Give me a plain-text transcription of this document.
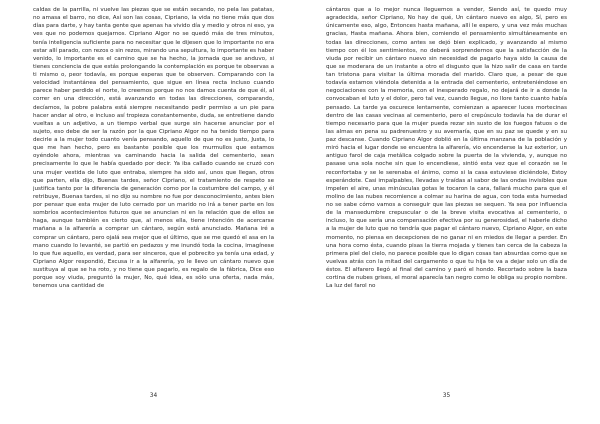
caldas de la parrilla, ni vuelve las piezas que se están secando, no pela las patatas, no amasa el barro, no dice, Así son las cosas, Cipriano, la vida no tiene más que dos días para darte, y hay tanta gente que apenas ha vivido día y medio y otros ni eso, ya ves que no podemos quejarnos. Cipriano Algor no se quedó más de tres minutos, tenía inteligencia suficiente para no necesitar que le dijesen que lo importante no era estar allí parado, con rezos o sin rezos, mirando una sepultura, lo importante es haber venido, lo importante es el camino que se ha hecho, la jornada que se anduvo, si tienes conciencia de que estás prolongando la contemplación es porque te observas a ti mismo o, peor todavía, es porque esperas que te observen. Comparando con la velocidad instantánea del pensamiento, que sigue en línea recta incluso cuando parece haber perdido el norte, lo creemos porque no nos damos cuenta de que él, al correr en una dirección, está avanzando en todas las direcciones, comparando, decíamos, la pobre palabra está siempre necesitando pedir permiso a un pie para hacer andar al otro, e incluso así tropieza constantemente, duda, se entretiene dando vueltas a un adjetivo, a un tiempo verbal que surge sin hacerse anunciar por el sujeto, eso debe de ser la razón por la que Cipriano Algor no ha tenido tiempo para decirle a la mujer todo cuanto venía pensando, aquello de que no es justo, Justa, lo que me han hecho, pero es bastante posible que los murmullos que estamos oyéndole ahora, mientras va caminando hacia la salida del cementerio, sean precisamente lo que le había quedado por decir. Ya iba callado cuando se cruzó con una mujer vestida de luto que entraba, siempre ha sido así, unos que llegan, otros que parten, ella dijo, Buenas tardes, señor Cipriano, el tratamiento de respeto se justifica tanto por la diferencia de generación como por la costumbre del campo, y él retribuye, Buenas tardes, si no dijo su nombre no fue por desconocimiento, antes bien por pensar que esta mujer de luto cerrado por un marido no irá a tener parte en los sombríos acontecimientos futuros que se anuncian ni en la relación que de ellos se haga, aunque también es cierto que, al menos ella, tiene intención de acercarse mañana a la alfarería a comprar un cántaro, según está anunciado. Mañana iré a comprar un cántaro, pero ojalá sea mejor que el último, que se me quedó el asa en la mano cuando lo levanté, se partió en pedazos y me inundó toda la cocina, imagínese lo que fue aquello, es verdad, para ser sinceros, que el pobrecito ya tenía una edad, y Cipriano Algor respondió, Excusa ir a la alfarería, yo le llevo un cántaro nuevo que sustituya al que se ha roto, y no tiene que pagarlo, es regalo de la fábrica, Dice eso porque soy viuda, preguntó la mujer, No, qué idea, es sólo una oferta, nada más, tenemos una cantidad de

34

cántaros que a lo mejor nunca lleguemos a vender, Siendo así, te quedo muy agradecida, señor Cipriano, No hay de qué, Un cántaro nuevo es algo, Sí, pero es únicamente eso, algo, Entonces hasta mañana, allí le espero, y una vez más muchas gracias, Hasta mañana. Ahora bien, comiendo el pensamiento simultáneamente en todas las direcciones, como antes se dejó bien explicado, y avanzando al mismo tiempo con él los sentimientos, no deberá sorprendernos que la satisfacción de la viuda por recibir un cántaro nuevo sin necesidad de pagarlo haya sido la causa de que se moderara de un instante a otro el disgusto que la hizo salir de casa en tarde tan tristona para visitar la última morada del marido. Claro que, a pesar de que todavía estamos viéndola detenida a la entrada del cementerio, entreteniéndose en negociaciones con la memoria, con el inesperado regalo, no dejará de ir a donde la convocaban el luto y el dolor, pero tal vez, cuando llegue, no llore tanto cuanto había pensado. La tarde ya oscurece lentamente, comienzan a aparecer luces mortecinas dentro de las casas vecinas al cementerio, pero el crepúsculo todavía ha de durar el tiempo necesario para que la mujer pueda rezar sin susto de los fuegos fatuos o de las almas en pena su padrenuestro y su avemaría, que en su paz se quede y en su paz descanse. Cuando Cipriano Algor doblió en la última manzana de la población y miró hacia el lugar donde se encuentra la alfarería, vio encenderse la luz exterior, un antiguo farol de caja metálica colgado sobre la puerta de la vivienda, y, aunque no pasase una sola noche sin que lo encendiese, sintió esta vez que el corazón se le reconfortaba y se le serenaba el ánimo, como si la casa estuviese diciéndole, Estoy esperándote. Casi impalpables, llevadas y traídas al sabor de las ondas invisibles que impelen el aire, unas minúsculas gotas le tocaron la cara, fallará mucho para que el molino de las nubes recomience a colmar su harina de agua, con toda esta humedad no se sabe cómo vamos a conseguir que las piezas se sequen. Ya sea por influencia de la mansedumbre crepuscular o de la breve visita evocativa al cementerio, o incluso, lo que sería una compensación efectiva por su generosidad, el haberle dicho a la mujer de luto que no tendría que pagar el cántaro nuevo, Cipriano Algor, en este momento, no piensa en decepciones de no ganar ni en miedos de llegar a perder. En una hora como ésta, cuando pisas la tierra mojada y tienes tan cerca de la cabeza la primera piel del cielo, no parece posible que lo digan cosas tan absurdas como que se vuelvas atrás con la mitad del cargamento o que tu hija te va a dejar solo un día de éstos. El alfarero llegó al final del camino y paró el hondo. Recortado sobre la baza cortina de nubes grises, el moral aparecía tan negro como le obliga su propio nombre. La luz del farol no

35
